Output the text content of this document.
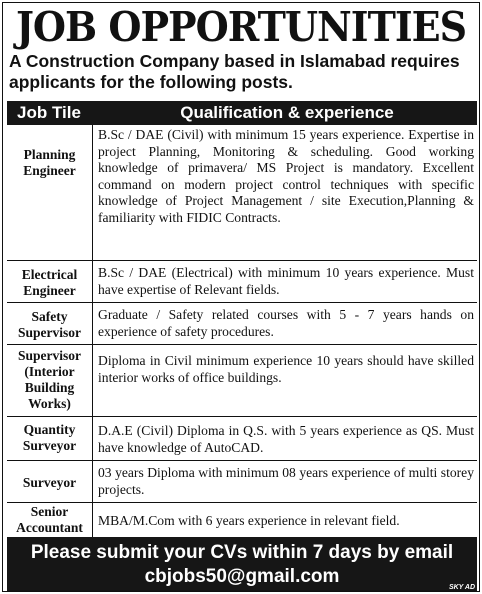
JOB OPPORTUNITIES
A Construction Company based in Islamabad requires applicants for the following posts.
Job Tile	Qualification & experience
Planning Engineer
B.Sc / DAE (Civil) with minimum 15 years experience. Expertise in project Planning, Monitoring & scheduling. Good working knowledge of primavera/ MS Project is mandatory. Excellent command on modern project control techniques with specific knowledge of Project Management / site Execution,Planning & familiarity with FIDIC Contracts.
Electrical Engineer
B.Sc / DAE (Electrical) with minimum 10 years experience. Must have expertise of Relevant fields.
Safety Supervisor
Graduate / Safety related courses with 5 - 7 years hands on experience of safety procedures.
Supervisor (Interior Building Works)
Diploma in Civil minimum experience 10 years should have skilled interior works of office buildings.
Quantity Surveyor
D.A.E (Civil) Diploma in Q.S. with 5 years experience as QS. Must have knowledge of AutoCAD.
Surveyor
03 years Diploma with minimum 08 years experience of multi storey projects.
Senior Accountant	MBA/M.Com with 6 years experience in relevant field.
Please submit your CVs within 7 days by email
cbjobs50@gmail.com
SKY AD
